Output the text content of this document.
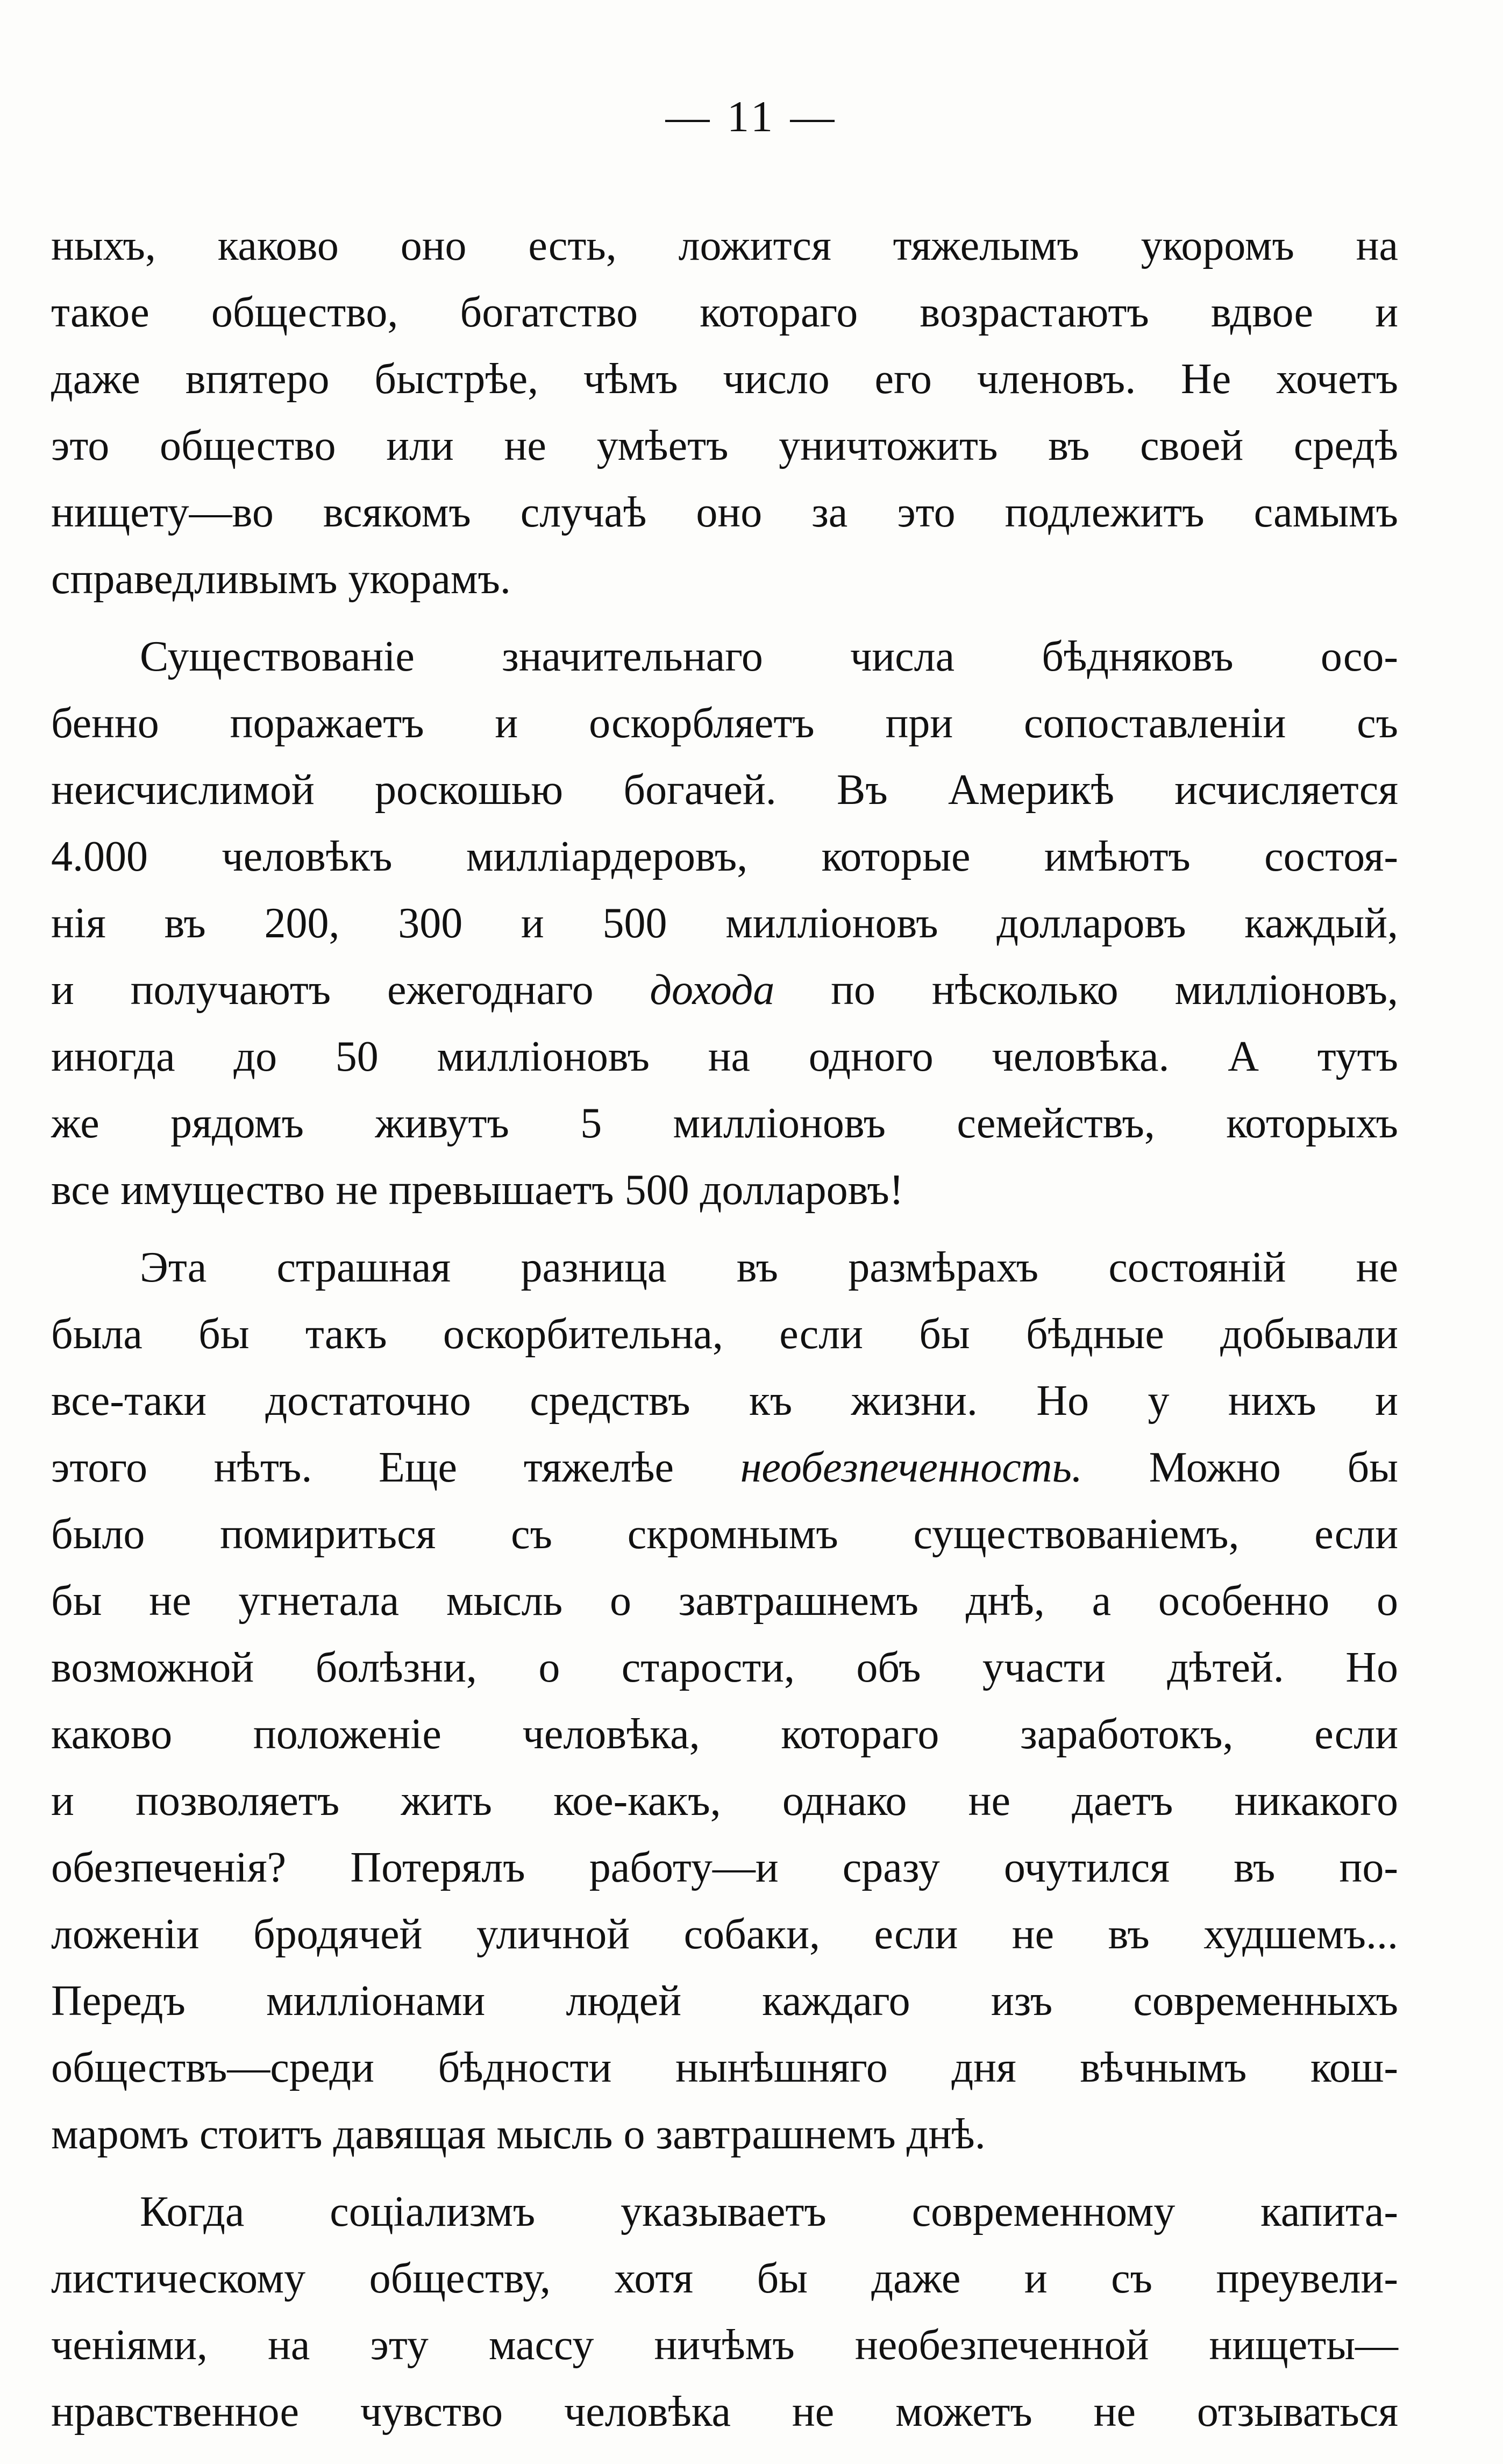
— 11 —
ныхъ, каково оно есть, ложится тяжелымъ укоромъ на
такое общество, богатство котораго возрастаютъ вдвое и
даже впятеро быстрѣе, чѣмъ число его членовъ. Не хочетъ
это общество или не умѣетъ уничтожить въ своей средѣ
нищету—во всякомъ случаѣ оно за это подлежитъ самымъ
справедливымъ укорамъ.
Существованіе значительнаго числа бѣдняковъ осо-
бенно поражаетъ и оскорбляетъ при сопоставленіи съ
неисчислимой роскошью богачей. Въ Америкѣ исчисляется
4.000 человѣкъ милліардеровъ, которые имѣютъ состоя-
нія въ 200, 300 и 500 милліоновъ долларовъ каждый,
и получаютъ ежегоднаго дохода по нѣсколько милліоновъ,
иногда до 50 милліоновъ на одного человѣка. А тутъ
же рядомъ живутъ 5 милліоновъ семействъ, которыхъ
все имущество не превышаетъ 500 долларовъ!
Эта страшная разница въ размѣрахъ состояній не
была бы такъ оскорбительна, если бы бѣдные добывали
все-таки достаточно средствъ къ жизни. Но у нихъ и
этого нѣтъ. Еще тяжелѣе необезпеченность. Можно бы
было помириться съ скромнымъ существованіемъ, если
бы не угнетала мысль о завтрашнемъ днѣ, а особенно о
возможной болѣзни, о старости, объ участи дѣтей. Но
каково положеніе человѣка, котораго заработокъ, если
и позволяетъ жить кое-какъ, однако не даетъ никакого
обезпеченія? Потерялъ работу—и сразу очутился въ по-
ложеніи бродячей уличной собаки, если не въ худшемъ...
Передъ милліонами людей каждаго изъ современныхъ
обществъ—среди бѣдности нынѣшняго дня вѣчнымъ кош-
маромъ стоитъ давящая мысль о завтрашнемъ днѣ.
Когда соціализмъ указываетъ современному капита-
листическому обществу, хотя бы даже и съ преувели-
ченіями, на эту массу ничѣмъ необезпеченной нищеты—
нравственное чувство человѣка не можетъ не отзываться
